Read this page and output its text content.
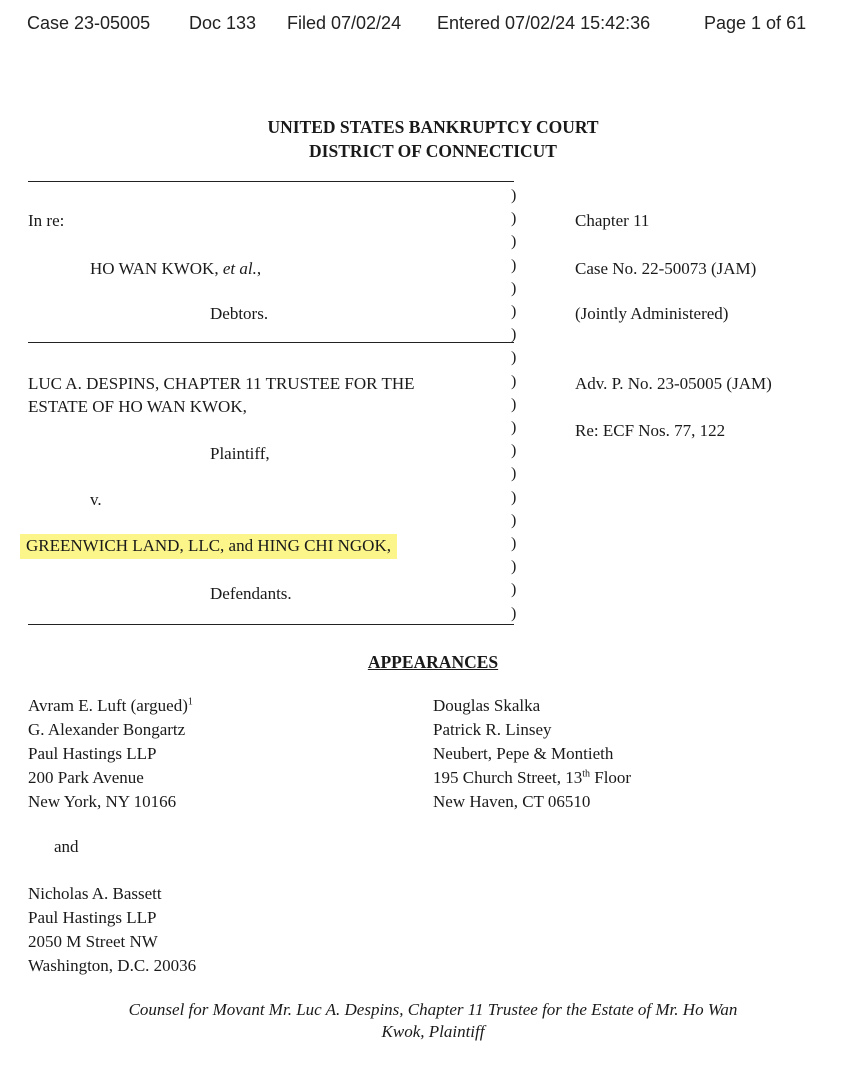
Case 23-05005 Doc 133 Filed 07/02/24 Entered 07/02/24 15:42:36	Page 1 of 61
UNITED STATES BANKRUPTCY COURT
DISTRICT OF CONNECTICUT
)
)
)
)
)
)
)
)
)
)
)
)
)
)
)
)
)
)
)
In re:
HO WAN KWOK, et al.,
Debtors.
LUC A. DESPINS, CHAPTER 11 TRUSTEE FOR THE
ESTATE OF HO WAN KWOK,
Plaintiff,
v.
GREENWICH LAND, LLC, and HING CHI NGOK,
Defendants.
Chapter 11
Case No. 22-50073 (JAM)
(Jointly Administered)
Adv. P. No. 23-05005 (JAM)
Re: ECF Nos. 77, 122
APPEARANCES
Avram E. Luft (argued)$^1$
G. Alexander Bongartz
Paul Hastings LLP
200 Park Avenue
New York, NY 10166
and
Nicholas A. Bassett
Paul Hastings LLP
2050 M Street NW
Washington, D.C. 20036
Douglas Skalka
Patrick R. Linsey
Neubert, Pepe & Montieth
195 Church Street, 13th Floor
New Haven, CT 06510
Counsel for Movant Mr. Luc A. Despins, Chapter 11 Trustee for the Estate of Mr. Ho Wan
Kwok, Plaintiff
